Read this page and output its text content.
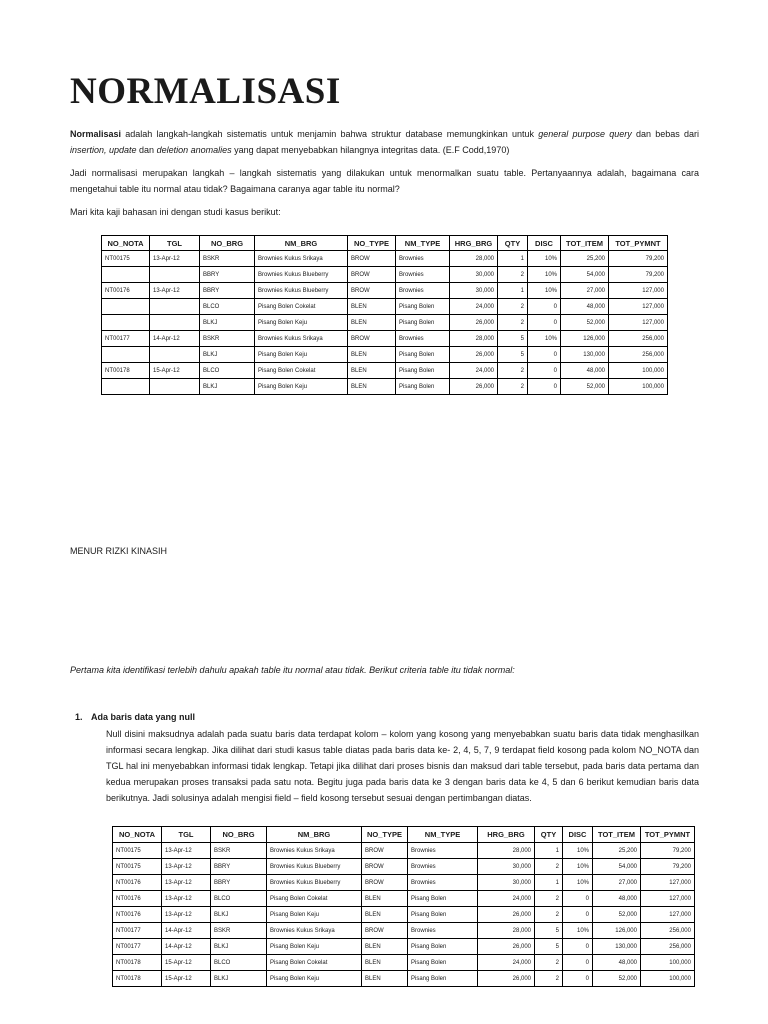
NORMALISASI

Normalisasi adalah langkah-langkah sistematis untuk menjamin bahwa struktur database memungkinkan untuk general purpose query dan bebas dari insertion, update dan deletion anomalies yang dapat menyebabkan hilangnya integritas data. (E.F Codd,1970)

Jadi normalisasi merupakan langkah – langkah sistematis yang dilakukan untuk menormalkan suatu table. Pertanyaannya adalah, bagaimana cara mengetahui table itu normal atau tidak? Bagaimana caranya agar table itu normal?

Mari kita kaji bahasan ini dengan studi kasus berikut:

NO_NOTA	TGL	NO_BRG	NM_BRG	NO_TYPE	NM_TYPE	HRG_BRG	QTY	DISC	TOT_ITEM	TOT_PYMNT
NT00175	13-Apr-12	BSKR	Brownies Kukus Srikaya	BROW	Brownies	28,000	1	10%	25,200	79,200
		BBRY	Brownies Kukus Blueberry	BROW	Brownies	30,000	2	10%	54,000	79,200
NT00176	13-Apr-12	BBRY	Brownies Kukus Blueberry	BROW	Brownies	30,000	1	10%	27,000	127,000
		BLCO	Pisang Bolen Cokelat	BLEN	Pisang Bolen	24,000	2	0	48,000	127,000
		BLKJ	Pisang Bolen Keju	BLEN	Pisang Bolen	26,000	2	0	52,000	127,000
NT00177	14-Apr-12	BSKR	Brownies Kukus Srikaya	BROW	Brownies	28,000	5	10%	126,000	256,000
		BLKJ	Pisang Bolen Keju	BLEN	Pisang Bolen	26,000	5	0	130,000	256,000
NT00178	15-Apr-12	BLCO	Pisang Bolen Cokelat	BLEN	Pisang Bolen	24,000	2	0	48,000	100,000
		BLKJ	Pisang Bolen Keju	BLEN	Pisang Bolen	26,000	2	0	52,000	100,000

MENUR RIZKI KINASIH

Pertama kita identifikasi terlebih dahulu apakah table itu normal atau tidak. Berikut criteria table itu tidak normal:

1. Ada baris data yang null

Null disini maksudnya adalah pada suatu baris data terdapat kolom – kolom yang kosong yang menyebabkan suatu baris data tidak menghasilkan informasi secara lengkap. Jika dilihat dari studi kasus table diatas pada baris data ke- 2, 4, 5, 7, 9 terdapat field kosong pada kolom NO_NOTA dan TGL hal ini menyebabkan informasi tidak lengkap. Tetapi jika dilihat dari proses bisnis dan maksud dari table tersebut, pada baris data pertama dan kedua merupakan proses transaksi pada satu nota. Begitu juga pada baris data ke 3 dengan baris data ke 4, 5 dan 6 berikut kemudian baris data berikutnya. Jadi solusinya adalah mengisi field – field kosong tersebut sesuai dengan pertimbangan diatas.

NO_NOTA	TGL	NO_BRG	NM_BRG	NO_TYPE	NM_TYPE	HRG_BRG	QTY	DISC	TOT_ITEM	TOT_PYMNT
NT00175	13-Apr-12	BSKR	Brownies Kukus Srikaya	BROW	Brownies	28,000	1	10%	25,200	79,200
NT00175	13-Apr-12	BBRY	Brownies Kukus Blueberry	BROW	Brownies	30,000	2	10%	54,000	79,200
NT00176	13-Apr-12	BBRY	Brownies Kukus Blueberry	BROW	Brownies	30,000	1	10%	27,000	127,000
NT00176	13-Apr-12	BLCO	Pisang Bolen Cokelat	BLEN	Pisang Bolen	24,000	2	0	48,000	127,000
NT00176	13-Apr-12	BLKJ	Pisang Bolen Keju	BLEN	Pisang Bolen	26,000	2	0	52,000	127,000
NT00177	14-Apr-12	BSKR	Brownies Kukus Srikaya	BROW	Brownies	28,000	5	10%	126,000	256,000
NT00177	14-Apr-12	BLKJ	Pisang Bolen Keju	BLEN	Pisang Bolen	26,000	5	0	130,000	256,000
NT00178	15-Apr-12	BLCO	Pisang Bolen Cokelat	BLEN	Pisang Bolen	24,000	2	0	48,000	100,000
NT00178	15-Apr-12	BLKJ	Pisang Bolen Keju	BLEN	Pisang Bolen	26,000	2	0	52,000	100,000
